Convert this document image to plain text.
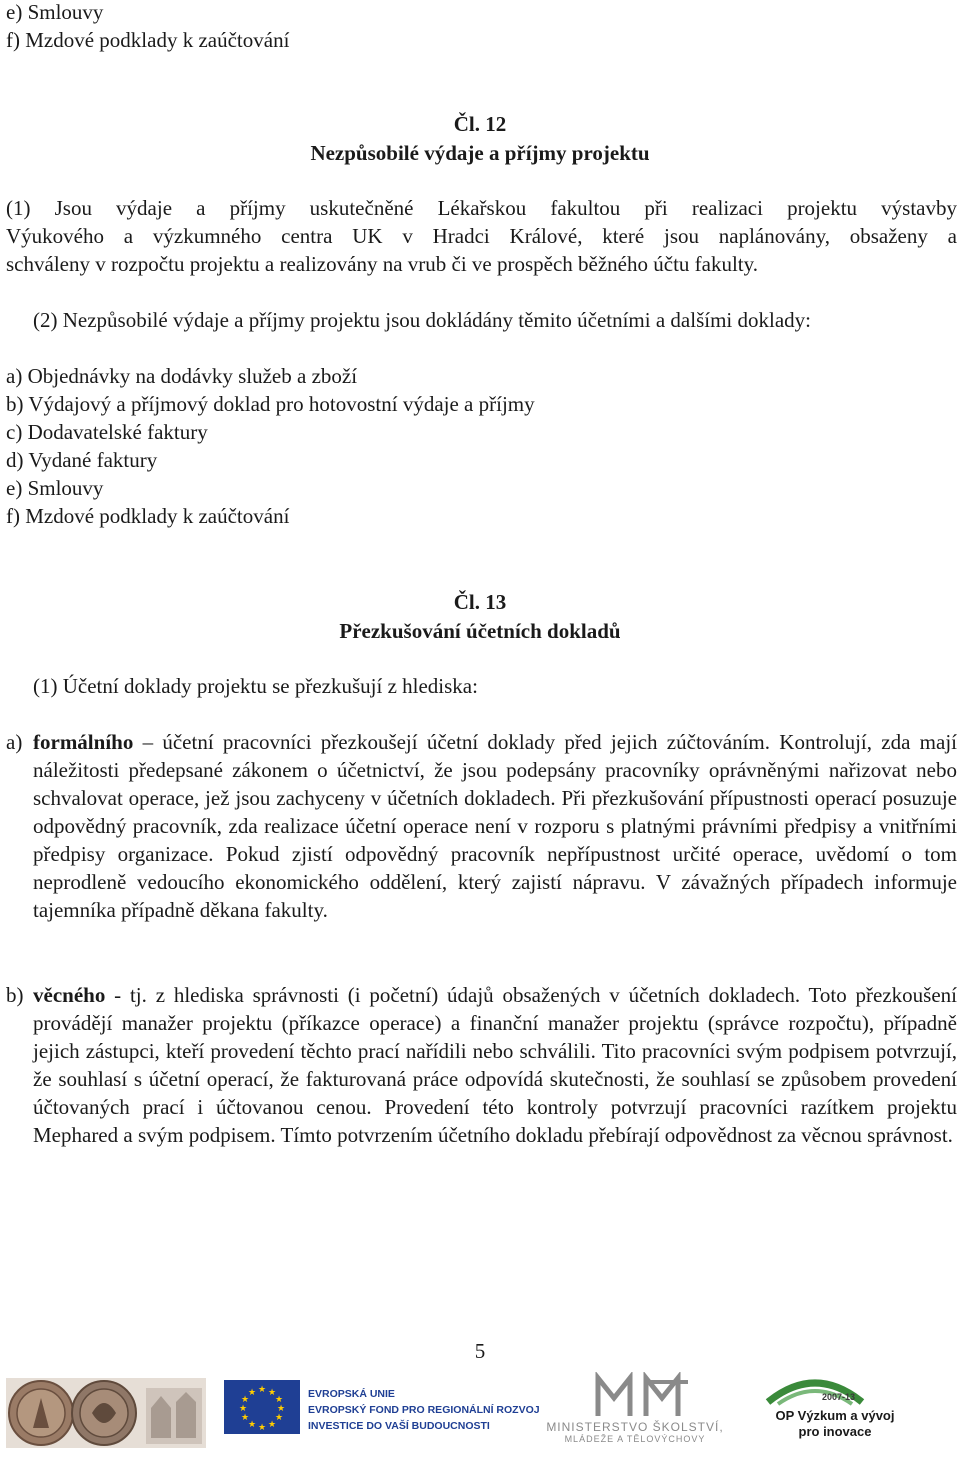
e) Smlouvy
f) Mzdové podklady k zaúčtování
Čl. 12
Nezpůsobilé výdaje a příjmy projektu
(1) Jsou výdaje a příjmy uskutečněné Lékařskou fakultou při realizaci projektu výstavby
Výukového a výzkumného centra UK v Hradci Králové, které jsou naplánovány, obsaženy a
schváleny v rozpočtu projektu a realizovány na vrub či ve prospěch běžného účtu fakulty.
(2) Nezpůsobilé výdaje a příjmy projektu jsou dokládány těmito účetními a dalšími doklady:
a) Objednávky na dodávky služeb a zboží
b) Výdajový a příjmový doklad pro hotovostní výdaje a příjmy
c) Dodavatelské faktury
d) Vydané faktury
e) Smlouvy
f) Mzdové podklady k zaúčtování
Čl. 13
Přezkušování účetních dokladů
(1) Účetní doklady projektu se přezkušují z hlediska:
a) formálního – účetní pracovníci přezkoušejí účetní doklady před jejich zúčtováním. Kontrolují, zda mají náležitosti předepsané zákonem o účetnictví, že jsou podepsány pracovníky oprávněnými nařizovat nebo schvalovat operace, jež jsou zachyceny v účetních dokladech. Při přezkušování přípustnosti operací posuzuje odpovědný pracovník, zda realizace účetní operace není v rozporu s platnými právními předpisy a vnitřními předpisy organizace. Pokud zjistí odpovědný pracovník nepřípustnost určité operace, uvědomí o tom neprodleně vedoucího ekonomického oddělení, který zajistí nápravu. V závažných případech informuje tajemníka případně děkana fakulty.
b) věcného - tj. z hlediska správnosti (i početní) údajů obsažených v účetních dokladech. Toto přezkoušení provádějí manažer projektu (příkazce operace) a finanční manažer projektu (správce rozpočtu), případně jejich zástupci, kteří provedení těchto prací nařídili nebo schválili. Tito pracovníci svým podpisem potvrzují, že souhlasí s účetní operací, že fakturovaná práce odpovídá skutečnosti, že souhlasí se způsobem provedení účtovaných prací i účtovanou cenou. Provedení této kontroly potvrzují pracovníci razítkem projektu Mephared a svým podpisem. Tímto potvrzením účetního dokladu přebírají odpovědnost za věcnou správnost.
5
★ ★
★
★
★
★
★
★
★
★
★
★	EVROPSKÁ UNIE
EVROPSKÝ FOND PRO REGIONÁLNÍ ROZVOJ
INVESTICE DO VAŠÍ BUDOUCNOSTI	MINISTERSTVO ŠKOLSTVÍ,
MLÁDEŽE A TĚLOVÝCHOVY
2007-13
OP Výzkum a vývoj
pro inovace
